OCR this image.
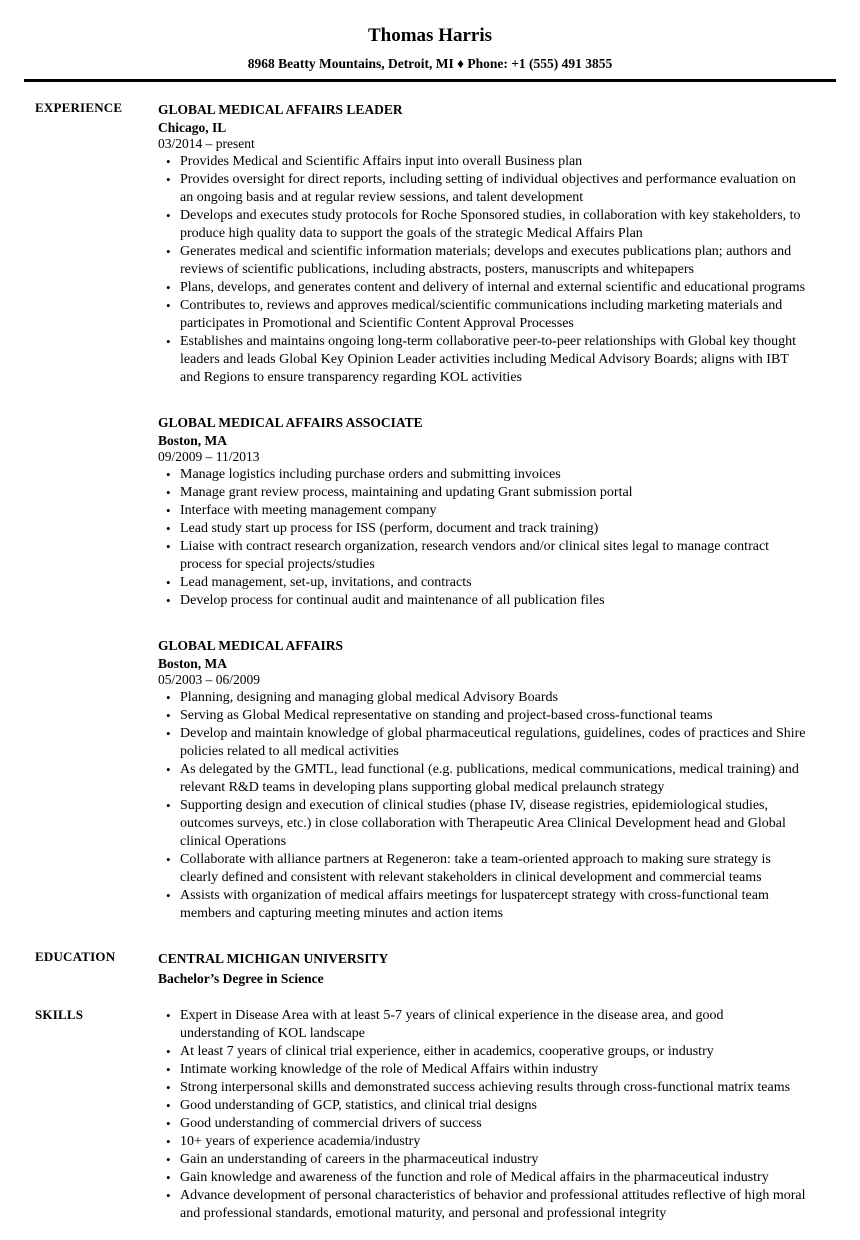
Thomas Harris
8968 Beatty Mountains, Detroit, MI ♦ Phone: +1 (555) 491 3855
EXPERIENCE	GLOBAL MEDICAL AFFAIRS LEADER
Chicago, IL
03/2014 – present
• Provides Medical and Scientific Affairs input into overall Business plan
• Provides oversight for direct reports, including setting of individual objectives and performance evaluation on an ongoing basis and at regular review sessions, and talent development
• Develops and executes study protocols for Roche Sponsored studies, in collaboration with key stakeholders, to produce high quality data to support the goals of the strategic Medical Affairs Plan
• Generates medical and scientific information materials; develops and executes publications plan; authors and reviews of scientific publications, including abstracts, posters, manuscripts and whitepapers
• Plans, develops, and generates content and delivery of internal and external scientific and educational programs
• Contributes to, reviews and approves medical/scientific communications including marketing materials and participates in Promotional and Scientific Content Approval Processes
• Establishes and maintains ongoing long-term collaborative peer-to-peer relationships with Global key thought leaders and leads Global Key Opinion Leader activities including Medical Advisory Boards; aligns with IBT and Regions to ensure transparency regarding KOL activities
GLOBAL MEDICAL AFFAIRS ASSOCIATE
Boston, MA
09/2009 – 11/2013
• Manage logistics including purchase orders and submitting invoices
• Manage grant review process, maintaining and updating Grant submission portal
• Interface with meeting management company
• Lead study start up process for ISS (perform, document and track training)
• Liaise with contract research organization, research vendors and/or clinical sites legal to manage contract process for special projects/studies
• Lead management, set-up, invitations, and contracts
• Develop process for continual audit and maintenance of all publication files
GLOBAL MEDICAL AFFAIRS
Boston, MA
05/2003 – 06/2009
• Planning, designing and managing global medical Advisory Boards
• Serving as Global Medical representative on standing and project-based cross-functional teams
• Develop and maintain knowledge of global pharmaceutical regulations, guidelines, codes of practices and Shire policies related to all medical activities
• As delegated by the GMTL, lead functional (e.g. publications, medical communications, medical training) and relevant R&D teams in developing plans supporting global medical prelaunch strategy
• Supporting design and execution of clinical studies (phase IV, disease registries, epidemiological studies, outcomes surveys, etc.) in close collaboration with Therapeutic Area Clinical Development head and Global clinical Operations
• Collaborate with alliance partners at Regeneron: take a team-oriented approach to making sure strategy is clearly defined and consistent with relevant stakeholders in clinical development and commercial teams
• Assists with organization of medical affairs meetings for luspatercept strategy with cross-functional team members and capturing meeting minutes and action items
EDUCATION	CENTRAL MICHIGAN UNIVERSITY
Bachelor’s Degree in Science
SKILLS	• Expert in Disease Area with at least 5-7 years of clinical experience in the disease area, and good understanding of KOL landscape
• At least 7 years of clinical trial experience, either in academics, cooperative groups, or industry
• Intimate working knowledge of the role of Medical Affairs within industry
• Strong interpersonal skills and demonstrated success achieving results through cross-functional matrix teams
• Good understanding of GCP, statistics, and clinical trial designs
• Good understanding of commercial drivers of success
• 10+ years of experience academia/industry
• Gain an understanding of careers in the pharmaceutical industry
• Gain knowledge and awareness of the function and role of Medical affairs in the pharmaceutical industry
• Advance development of personal characteristics of behavior and professional attitudes reflective of high moral and professional standards, emotional maturity, and personal and professional integrity
